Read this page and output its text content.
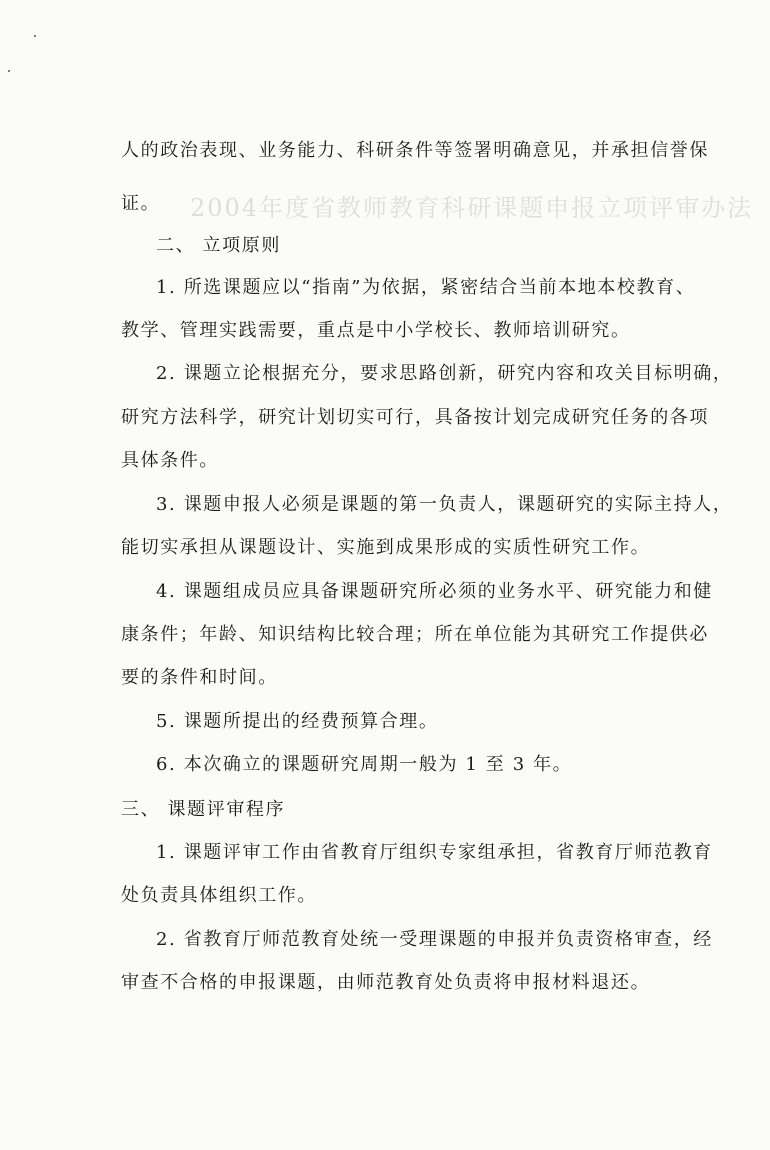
2004年度省教师教育科研课题申报立项评审办法
人的政治表现、业务能力、科研条件等签署明确意见，并承担信誉保
证。
二、 立项原则
1. 所选课题应以“指南”为依据，紧密结合当前本地本校教育、
教学、管理实践需要，重点是中小学校长、教师培训研究。
2. 课题立论根据充分，要求思路创新，研究内容和攻关目标明确，
研究方法科学，研究计划切实可行，具备按计划完成研究任务的各项
具体条件。
3. 课题申报人必须是课题的第一负责人，课题研究的实际主持人，
能切实承担从课题设计、实施到成果形成的实质性研究工作。
4. 课题组成员应具备课题研究所必须的业务水平、研究能力和健
康条件；年龄、知识结构比较合理；所在单位能为其研究工作提供必
要的条件和时间。
5. 课题所提出的经费预算合理。
6. 本次确立的课题研究周期一般为 1 至 3 年。
三、 课题评审程序
1. 课题评审工作由省教育厅组织专家组承担，省教育厅师范教育
处负责具体组织工作。
2. 省教育厅师范教育处统一受理课题的申报并负责资格审查，经
审查不合格的申报课题，由师范教育处负责将申报材料退还。
